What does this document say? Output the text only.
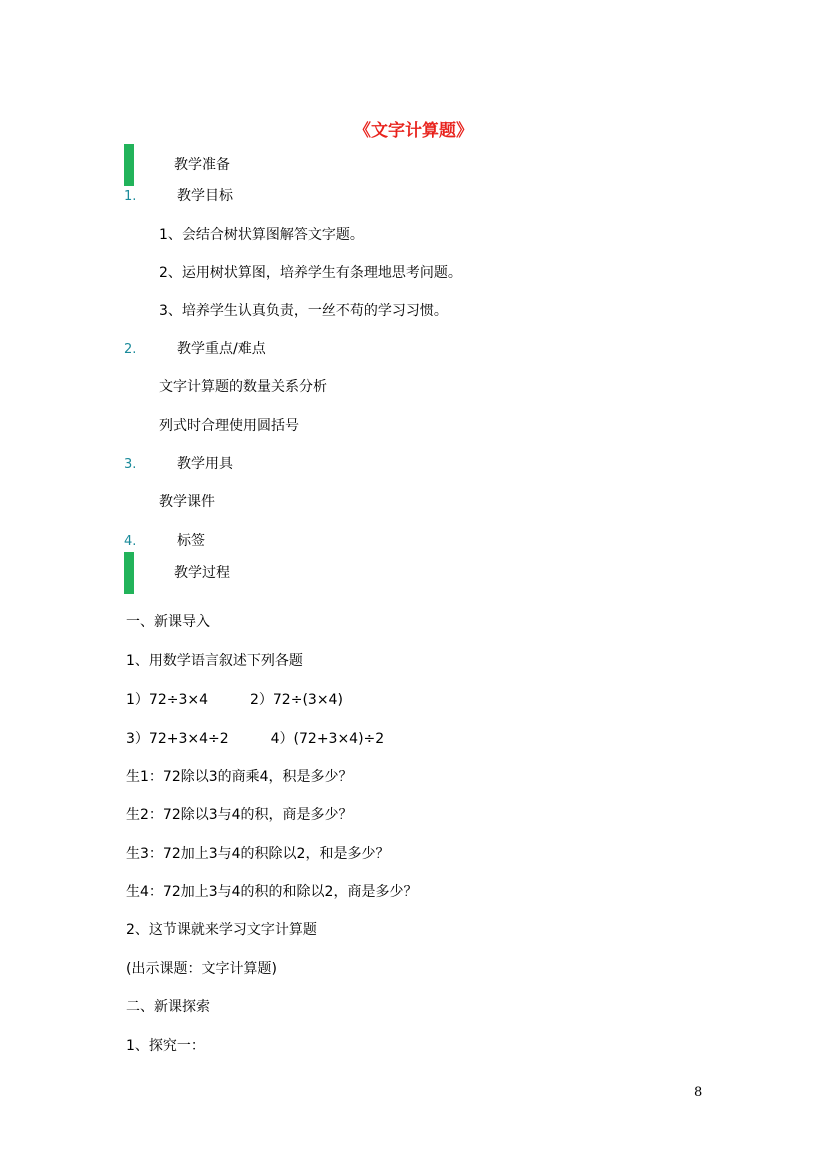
《文字计算题》
教学准备
1.	教学目标
1、会结合树状算图解答文字题。
2、运用树状算图，培养学生有条理地思考问题。
3、培养学生认真负责，一丝不苟的学习习惯。
2.	教学重点/难点
文字计算题的数量关系分析
列式时合理使用圆括号
3.	教学用具
教学课件
4.	标签
教学过程
一、新课导入
1、用数学语言叙述下列各题
1）72÷3×4　　　2）72÷(3×4)
3）72+3×4÷2　　　4）(72+3×4)÷2
生1：72除以3的商乘4，积是多少？
生2：72除以3与4的积，商是多少？
生3：72加上3与4的积除以2，和是多少？
生4：72加上3与4的积的和除以2，商是多少？
2、这节课就来学习文字计算题
(出示课题：文字计算题)
二、新课探索
1、探究一：
8
